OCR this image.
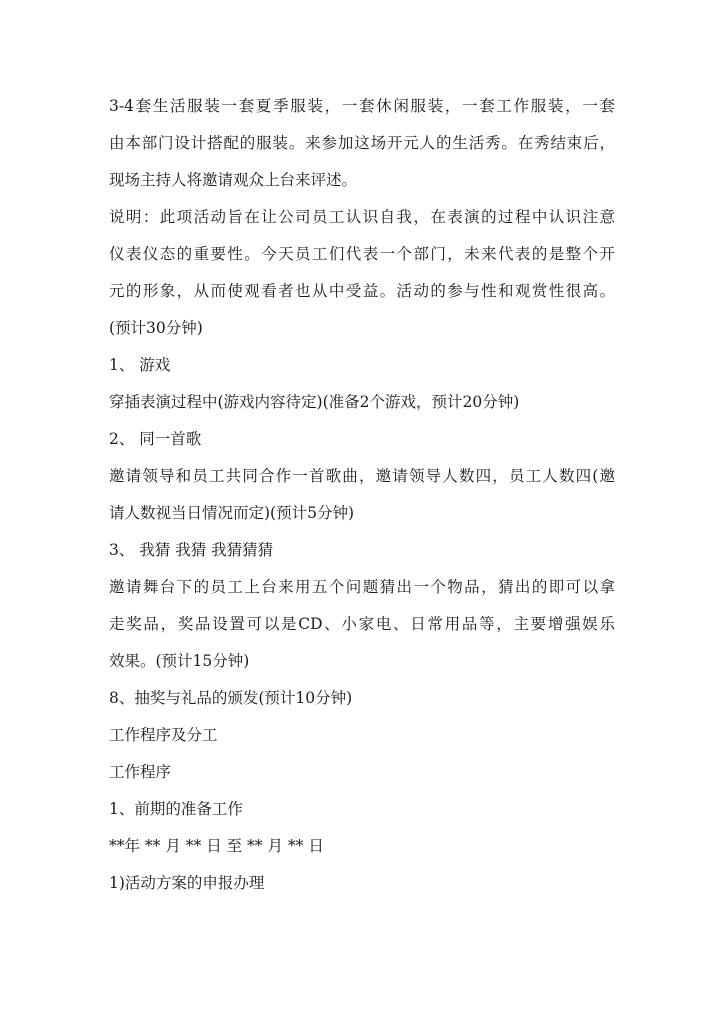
3-4套生活服装一套夏季服装，一套休闲服装，一套工作服装，一套
由本部门设计搭配的服装。来参加这场开元人的生活秀。在秀结束后，
现场主持人将邀请观众上台来评述。
说明：此项活动旨在让公司员工认识自我，在表演的过程中认识注意
仪表仪态的重要性。今天员工们代表一个部门，未来代表的是整个开
元的形象，从而使观看者也从中受益。活动的参与性和观赏性很高。
(预计30分钟)
1、 游戏
穿插表演过程中(游戏内容待定)(准备2个游戏，预计20分钟)
2、 同一首歌
邀请领导和员工共同合作一首歌曲，邀请领导人数四，员工人数四(邀
请人数视当日情况而定)(预计5分钟)
3、 我猜 我猜 我猜猜猜
邀请舞台下的员工上台来用五个问题猜出一个物品，猜出的即可以拿
走奖品，奖品设置可以是CD、小家电、日常用品等，主要增强娱乐
效果。(预计15分钟)
8、抽奖与礼品的颁发(预计10分钟)
工作程序及分工
工作程序
1、前期的准备工作
**年 ** 月 ** 日 至 ** 月 ** 日
1)活动方案的申报办理
